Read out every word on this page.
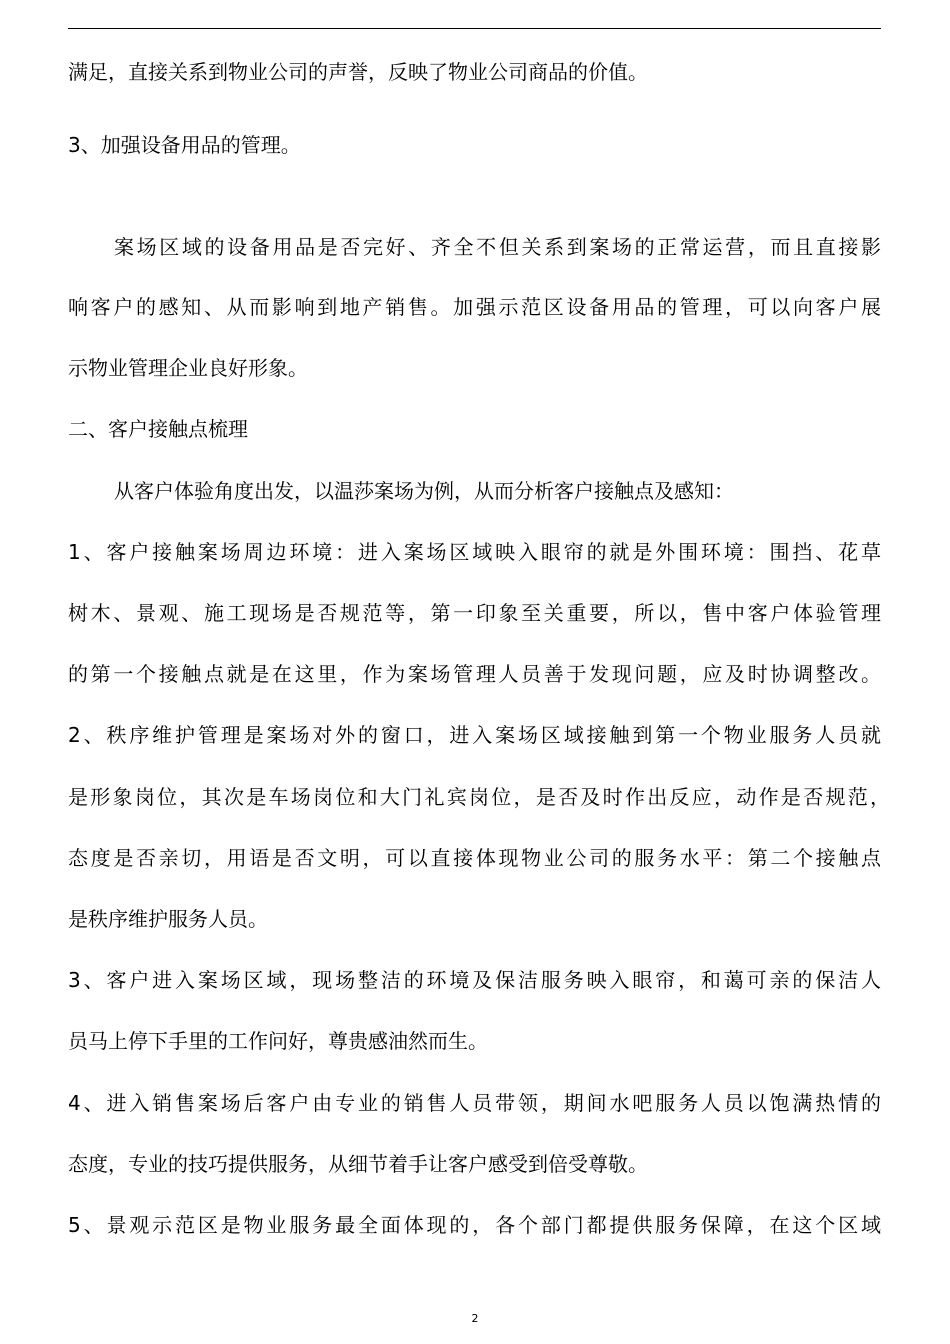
满足，直接关系到物业公司的声誉，反映了物业公司商品的价值。
3、加强设备用品的管理。
案场区域的设备用品是否完好、齐全不但关系到案场的正常运营，而且直接影
响客户的感知、从而影响到地产销售。加强示范区设备用品的管理，可以向客户展
示物业管理企业良好形象。
二、客户接触点梳理
从客户体验角度出发，以温莎案场为例，从而分析客户接触点及感知：
1、客户接触案场周边环境：进入案场区域映入眼帘的就是外围环境：围挡、花草
树木、景观、施工现场是否规范等，第一印象至关重要，所以，售中客户体验管理
的第一个接触点就是在这里，作为案场管理人员善于发现问题，应及时协调整改。
2、秩序维护管理是案场对外的窗口，进入案场区域接触到第一个物业服务人员就
是形象岗位，其次是车场岗位和大门礼宾岗位，是否及时作出反应，动作是否规范，
态度是否亲切，用语是否文明，可以直接体现物业公司的服务水平：第二个接触点
是秩序维护服务人员。
3、客户进入案场区域，现场整洁的环境及保洁服务映入眼帘，和蔼可亲的保洁人
员马上停下手里的工作问好，尊贵感油然而生。
4、进入销售案场后客户由专业的销售人员带领，期间水吧服务人员以饱满热情的
态度，专业的技巧提供服务，从细节着手让客户感受到倍受尊敬。
5、景观示范区是物业服务最全面体现的，各个部门都提供服务保障，在这个区域
2
